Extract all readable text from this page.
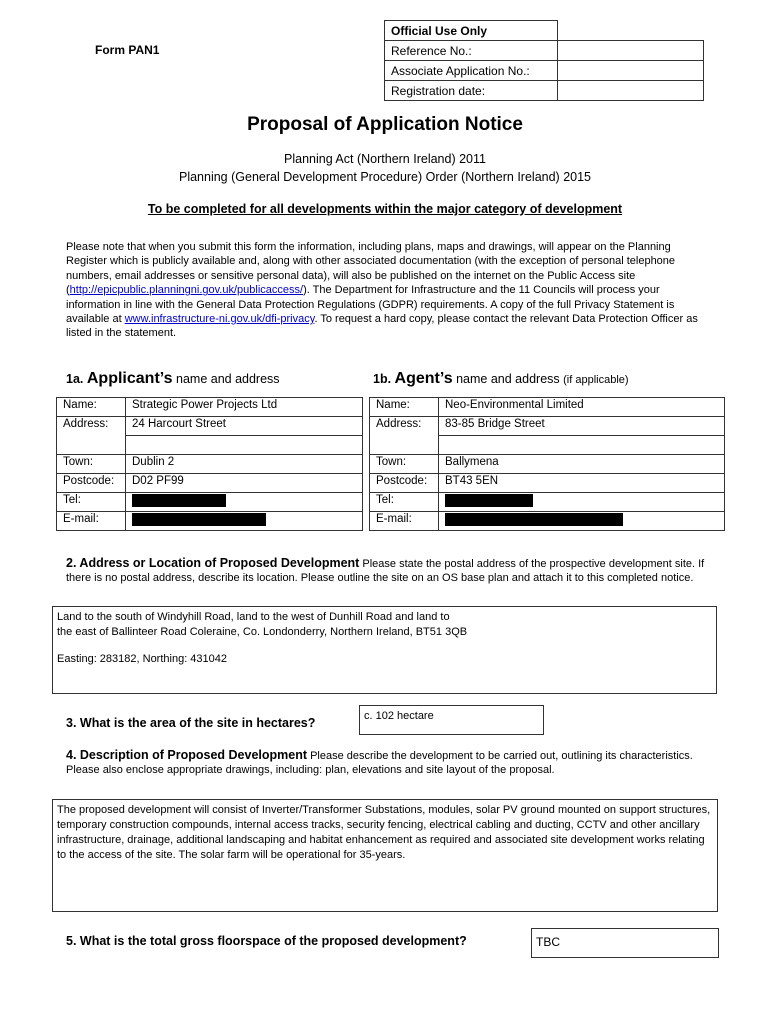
Form PAN1
Official Use Only	
Reference No.:	
Associate Application No.:	
Registration date:	
Proposal of Application Notice
Planning Act (Northern Ireland) 2011
Planning (General Development Procedure) Order (Northern Ireland) 2015
To be completed for all developments within the major category of development
Please note that when you submit this form the information, including plans, maps and drawings, will appear on the Planning Register which is publicly available and, along with other associated documentation (with the exception of personal telephone numbers, email addresses or sensitive personal data), will also be published on the internet on the Public Access site (http://epicpublic.planningni.gov.uk/publicaccess/). The Department for Infrastructure and the 11 Councils will process your information in line with the General Data Protection Regulations (GDPR) requirements. A copy of the full Privacy Statement is available at www.infrastructure-ni.gov.uk/dfi-privacy. To request a hard copy, please contact the relevant Data Protection Officer as listed in the statement.
1a. Applicant’s name and address	1b. Agent’s name and address (if applicable)
Name:	Strategic Power Projects Ltd
Address:	24 Harcourt Street

Town:	Dublin 2
Postcode:	D02 PF99
Tel:	
E-mail:	
Name:	Neo-Environmental Limited
Address:	83-85 Bridge Street

Town:	Ballymena
Postcode:	BT43 5EN
Tel:	
E-mail:	
2. Address or Location of Proposed Development Please state the postal address of the prospective development site. If there is no postal address, describe its location. Please outline the site on an OS base plan and attach it to this completed notice.
Land to the south of Windyhill Road, land to the west of Dunhill Road and land to
the east of Ballinteer Road Coleraine, Co. Londonderry, Northern Ireland, BT51 3QB
Easting: 283182, Northing: 431042
3. What is the area of the site in hectares?	c. 102 hectare
4. Description of Proposed Development Please describe the development to be carried out, outlining its characteristics. Please also enclose appropriate drawings, including: plan, elevations and site layout of the proposal.
The proposed development will consist of Inverter/Transformer Substations, modules, solar PV ground mounted on support structures, temporary construction compounds, internal access tracks, security fencing, electrical cabling and ducting, CCTV and other ancillary infrastructure, drainage, additional landscaping and habitat enhancement as required and associated site development works relating to the access of the site. The solar farm will be operational for 35-years.
5. What is the total gross floorspace of the proposed development?	TBC
